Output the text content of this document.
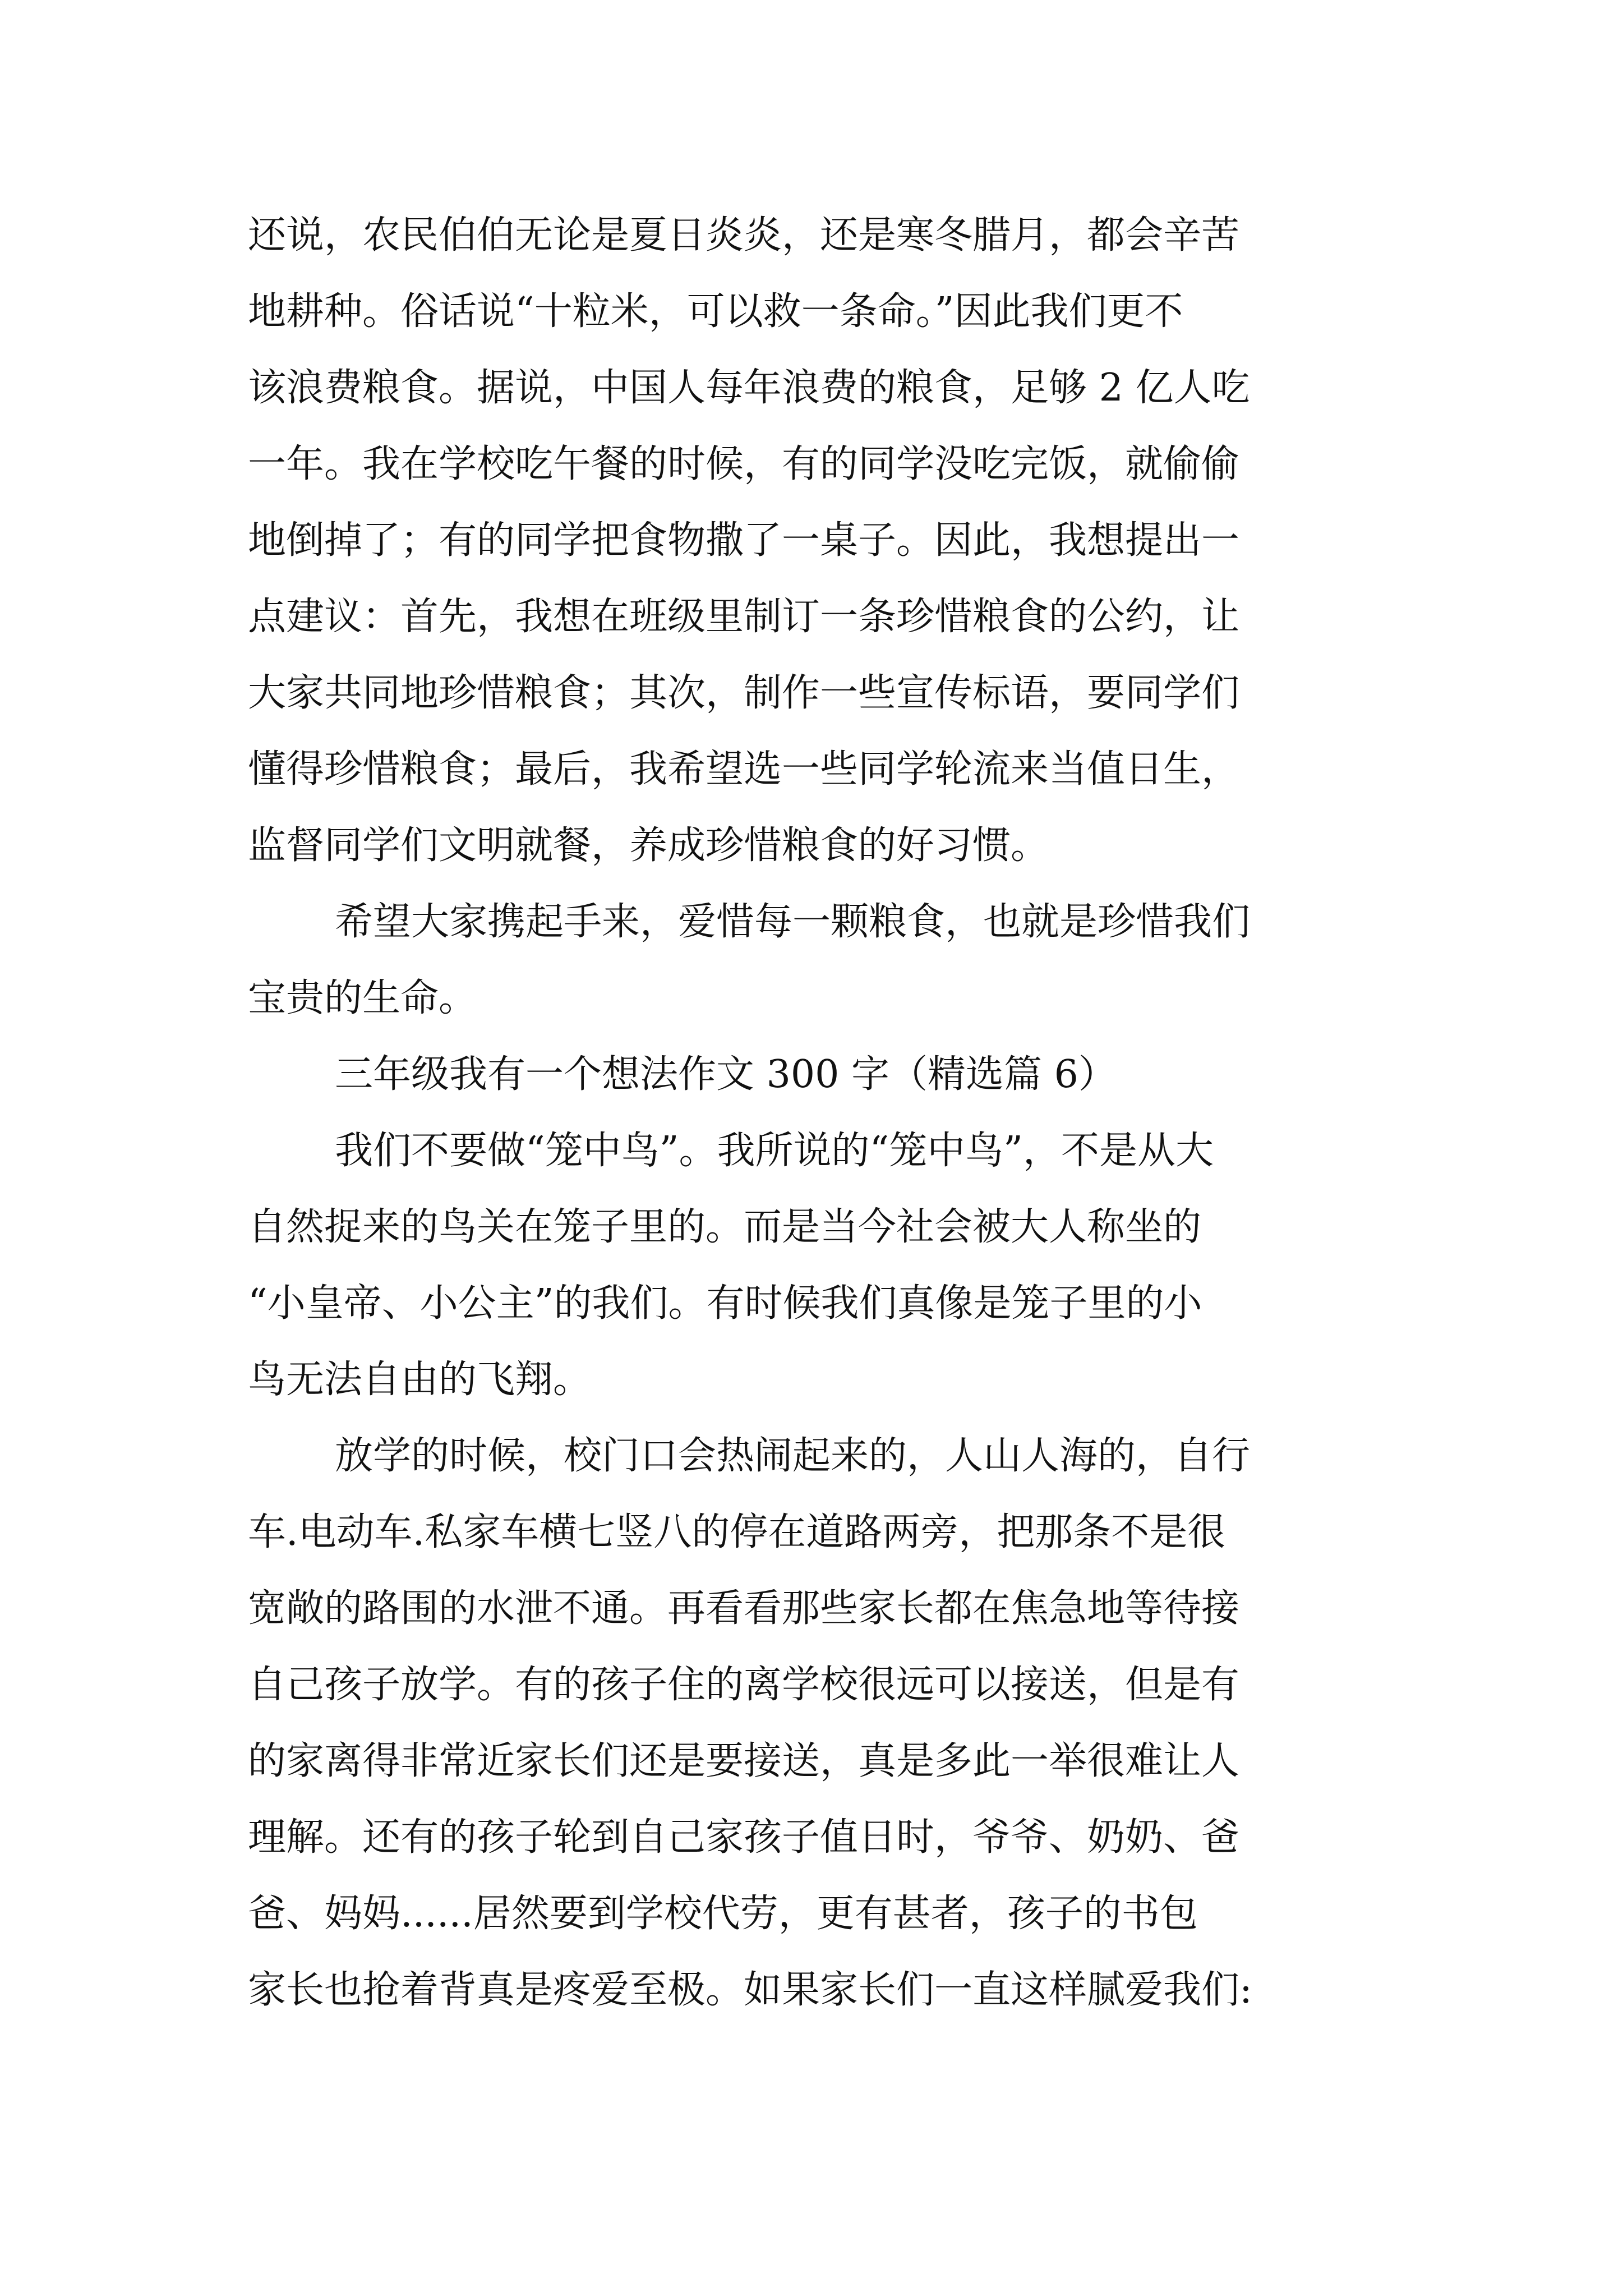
还说，农民伯伯无论是夏日炎炎，还是寒冬腊月，都会辛苦
地耕种。俗话说“十粒米，可以救一条命。”因此我们更不
该浪费粮食。据说，中国人每年浪费的粮食，足够 2 亿人吃
一年。我在学校吃午餐的时候，有的同学没吃完饭，就偷偷
地倒掉了；有的同学把食物撒了一桌子。因此，我想提出一
点建议：首先，我想在班级里制订一条珍惜粮食的公约，让
大家共同地珍惜粮食；其次，制作一些宣传标语，要同学们
懂得珍惜粮食；最后，我希望选一些同学轮流来当值日生，
监督同学们文明就餐，养成珍惜粮食的好习惯。
希望大家携起手来，爱惜每一颗粮食，也就是珍惜我们
宝贵的生命。
三年级我有一个想法作文 300 字（精选篇 6）
我们不要做“笼中鸟”。我所说的“笼中鸟”，不是从大
自然捉来的鸟关在笼子里的。而是当今社会被大人称坐的
“小皇帝、小公主”的我们。有时候我们真像是笼子里的小
鸟无法自由的飞翔。
放学的时候，校门口会热闹起来的，人山人海的，自行
车.电动车.私家车横七竖八的停在道路两旁，把那条不是很
宽敞的路围的水泄不通。再看看那些家长都在焦急地等待接
自己孩子放学。有的孩子住的离学校很远可以接送，但是有
的家离得非常近家长们还是要接送，真是多此一举很难让人
理解。还有的孩子轮到自己家孩子值日时，爷爷、奶奶、爸
爸、妈妈......居然要到学校代劳，更有甚者，孩子的书包
家长也抢着背真是疼爱至极。如果家长们一直这样腻爱我们:
